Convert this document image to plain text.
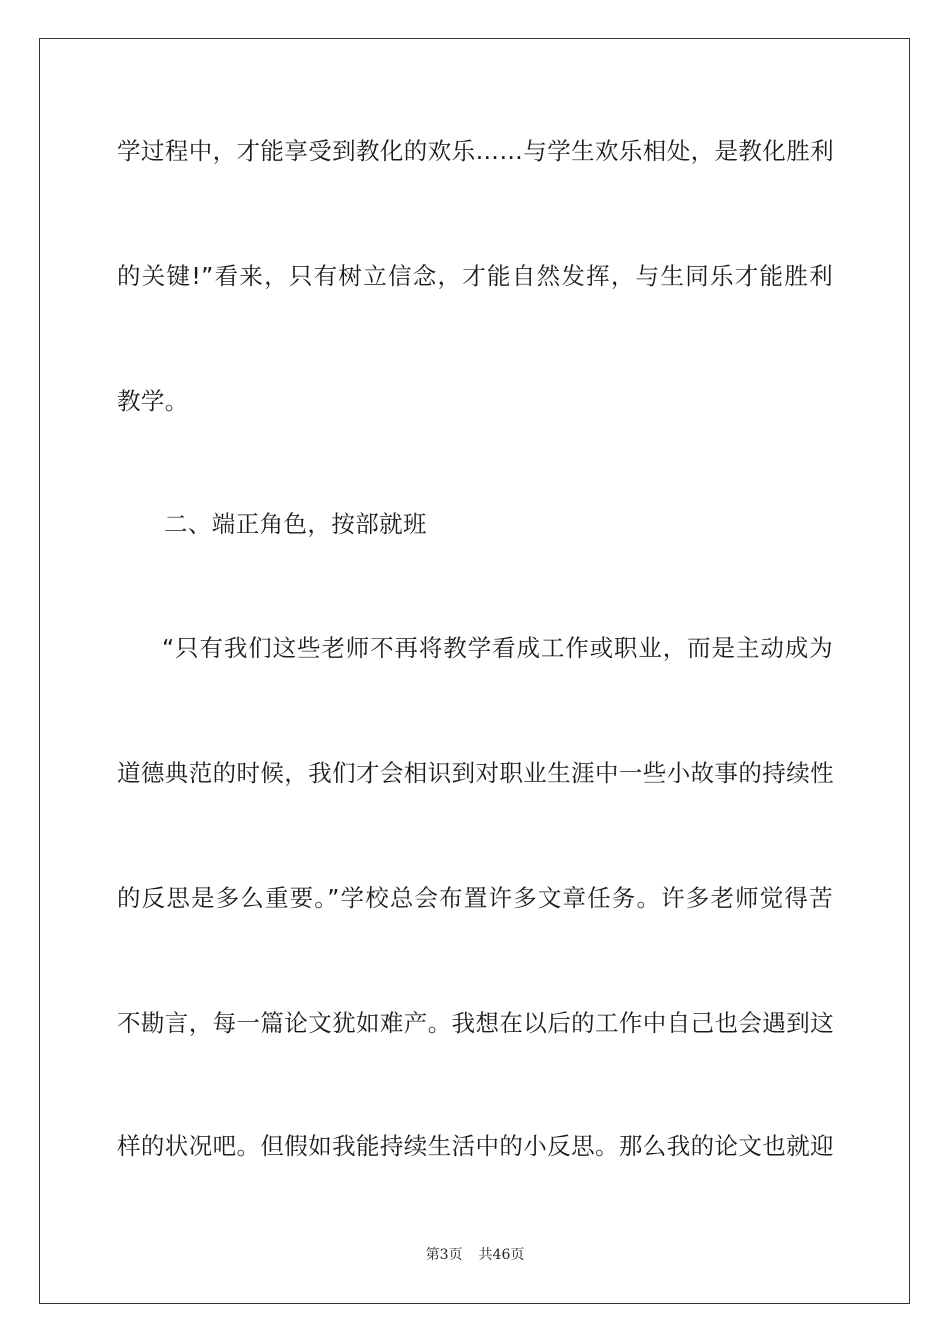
学过程中，才能享受到教化的欢乐……与学生欢乐相处，是教化胜利
的关键!”看来，只有树立信念，才能自然发挥，与生同乐才能胜利
教学。
二、端正角色，按部就班
“只有我们这些老师不再将教学看成工作或职业，而是主动成为
道德典范的时候，我们才会相识到对职业生涯中一些小故事的持续性
的反思是多么重要。”学校总会布置许多文章任务。许多老师觉得苦
不勘言，每一篇论文犹如难产。我想在以后的工作中自己也会遇到这
样的状况吧。但假如我能持续生活中的小反思。那么我的论文也就迎
第3页 共46页
